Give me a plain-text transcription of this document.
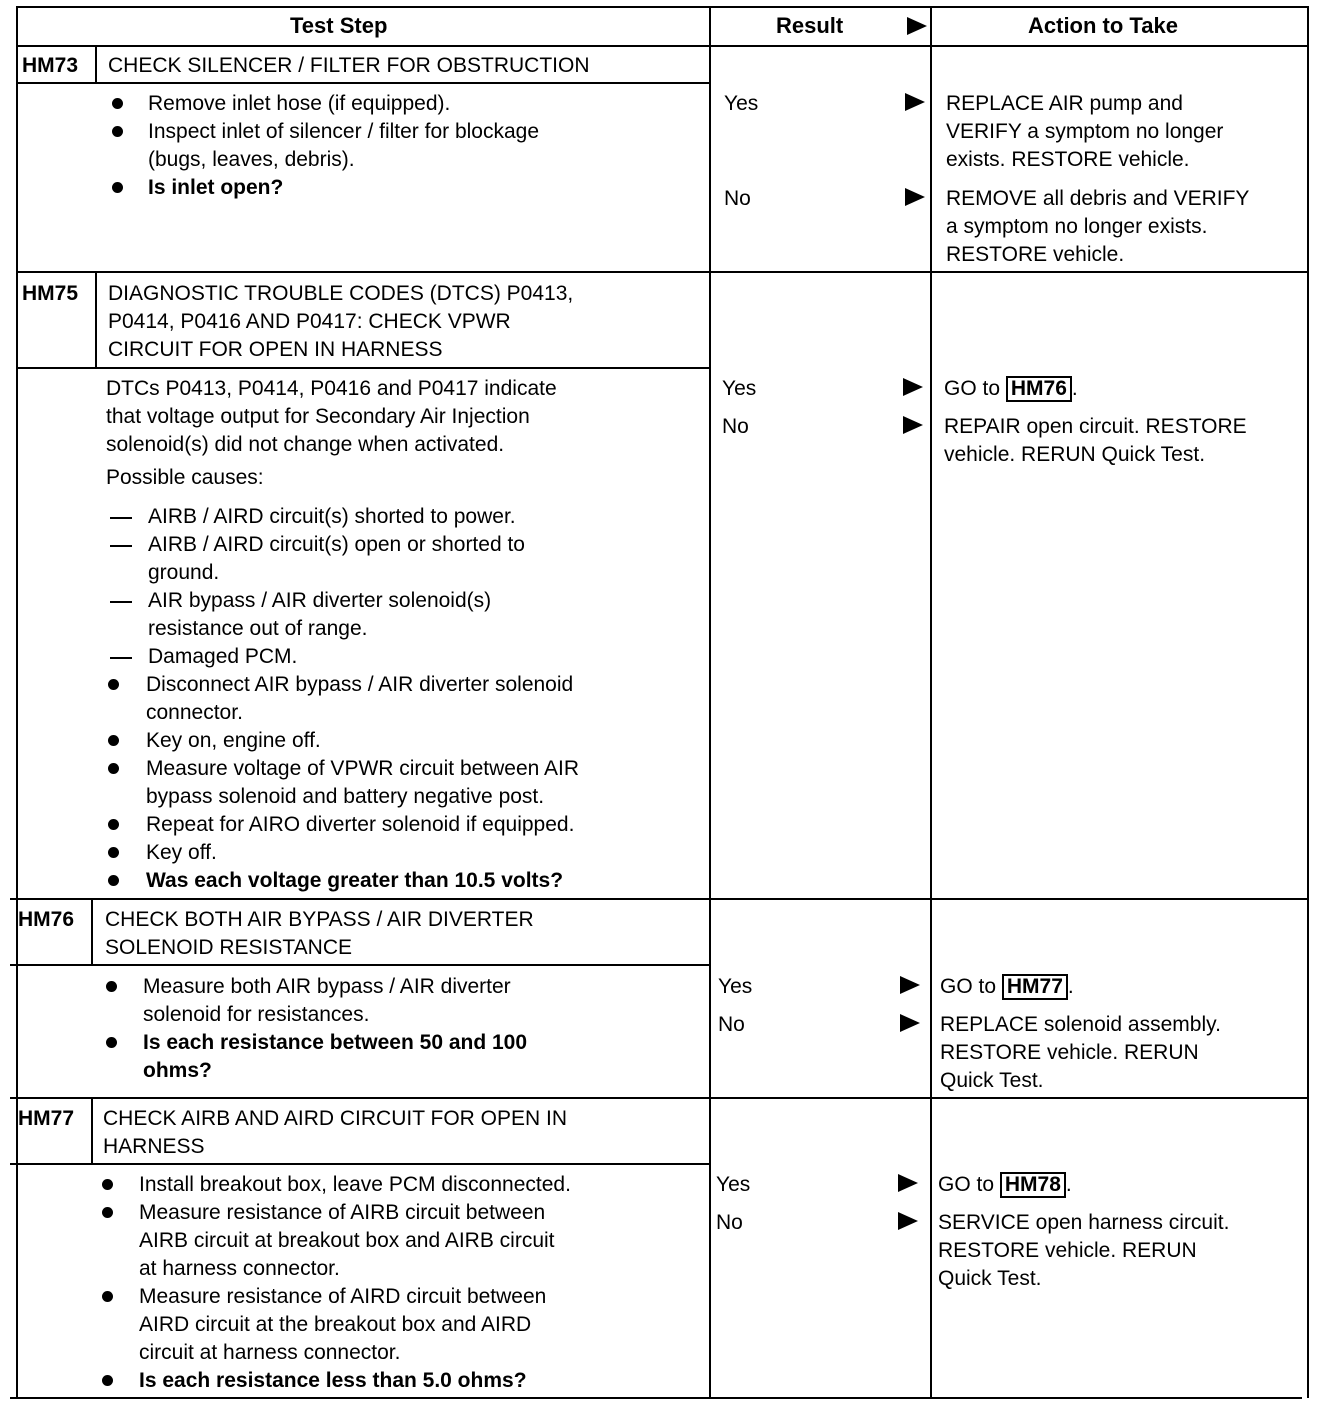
Test Step	Result	Action to Take
HM73 CHECK SILENCER / FILTER FOR OBSTRUCTION
Remove inlet hose (if equipped).
Inspect inlet of silencer / filter for blockage
(bugs, leaves, debris).
Is inlet open?
Yes	REPLACE AIR pump and
VERIFY a symptom no longer
exists. RESTORE vehicle.
No	REMOVE all debris and VERIFY
a symptom no longer exists.
RESTORE vehicle.
HM75 DIAGNOSTIC TROUBLE CODES (DTCS) P0413,
P0414, P0416 AND P0417: CHECK VPWR
CIRCUIT FOR OPEN IN HARNESS
DTCs P0413, P0414, P0416 and P0417 indicate
that voltage output for Secondary Air Injection
solenoid(s) did not change when activated.
Possible causes:
AIRB / AIRD circuit(s) shorted to power.
AIRB / AIRD circuit(s) open or shorted to
ground.
AIR bypass / AIR diverter solenoid(s)
resistance out of range.
Damaged PCM.
Disconnect AIR bypass / AIR diverter solenoid
connector.
Key on, engine off.
Measure voltage of VPWR circuit between AIR
bypass solenoid and battery negative post.
Repeat for AIRO diverter solenoid if equipped.
Key off.
Was each voltage greater than 10.5 volts?
Yes	GO to HM76 .
No	REPAIR open circuit. RESTORE
vehicle. RERUN Quick Test.
HM76 CHECK BOTH AIR BYPASS / AIR DIVERTER
SOLENOID RESISTANCE
Measure both AIR bypass / AIR diverter
solenoid for resistances.
Is each resistance between 50 and 100
ohms?
Yes	GO to HM77 .
No	REPLACE solenoid assembly.
RESTORE vehicle. RERUN
Quick Test.
HM77 CHECK AIRB AND AIRD CIRCUIT FOR OPEN IN
HARNESS
Install breakout box, leave PCM disconnected.
Measure resistance of AIRB circuit between
AIRB circuit at breakout box and AIRB circuit
at harness connector.
Measure resistance of AIRD circuit between
AIRD circuit at the breakout box and AIRD
circuit at harness connector.
Is each resistance less than 5.0 ohms?
Yes	GO to HM78 .
No	SERVICE open harness circuit.
RESTORE vehicle. RERUN
Quick Test.
